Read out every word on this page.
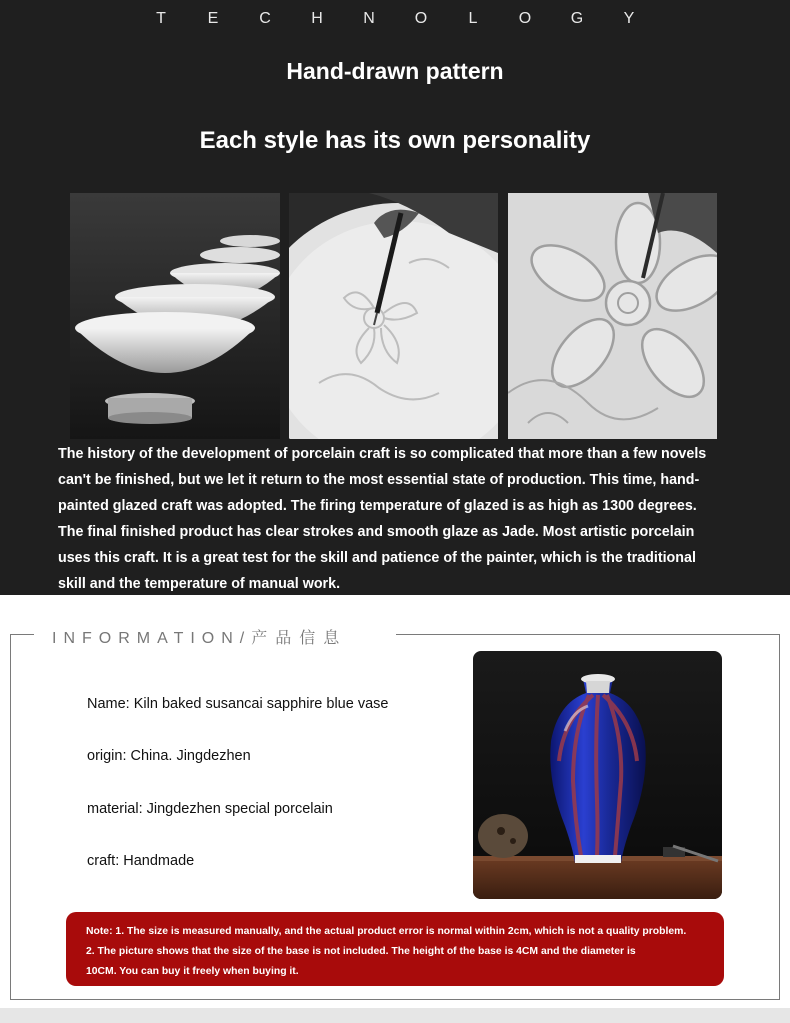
T	E	C	H	N	O	L	O	G	Y
Hand-drawn pattern
Each style has its own personality
The history of the development of porcelain craft is so complicated that more than a few novels
can't be finished, but we let it return to the most essential state of production. This time, hand-
painted glazed craft was adopted. The firing temperature of glazed is as high as 1300 degrees.
The final finished product has clear strokes and smooth glaze as Jade. Most artistic porcelain
uses this craft. It is a great test for the skill and patience of the painter, which is the traditional
skill and the temperature of manual work.
INFORMATION/产品信息
Name: Kiln baked susancai sapphire blue vase
origin: China. Jingdezhen
material: Jingdezhen special porcelain
craft: Handmade
Note: 1. The size is measured manually, and the actual product error is normal within 2cm, which is not a quality problem.
2. The picture shows that the size of the base is not included. The height of the base is 4CM and the diameter is
10CM. You can buy it freely when buying it.
